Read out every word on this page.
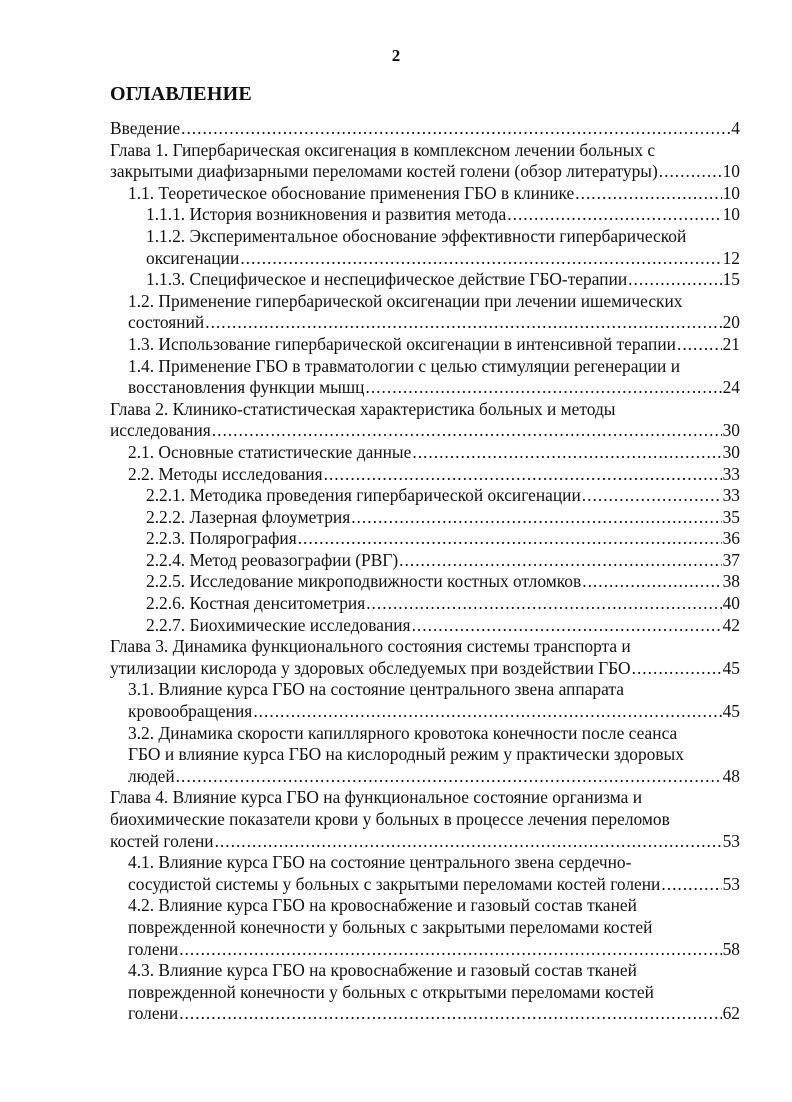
2
ОГЛАВЛЕНИЕ
Введение .....	4
Глава 1. Гипербарическая оксигенация в комплексном лечении больных с
закрытыми диафизарными переломами костей голени (обзор литературы) .....	10
1.1. Теоретическое обоснование применения ГБО в клинике .....	10
1.1.1. История возникновения и развития метода .....	10
1.1.2. Экспериментальное обоснование эффективности гипербарической
оксигенации .....	12
1.1.3. Специфическое и неспецифическое действие ГБО-терапии .....	15
1.2. Применение гипербарической оксигенации при лечении ишемических
состояний .....	20
1.3. Использование гипербарической оксигенации в интенсивной терапии .....	21
1.4. Применение ГБО в травматологии с целью стимуляции регенерации и
восстановления функции мышц .....	24
Глава 2. Клинико-статистическая характеристика больных и методы
исследования .....	30
2.1. Основные статистические данные .....	30
2.2. Методы исследования .....	33
2.2.1. Методика проведения гипербарической оксигенации .....	33
2.2.2. Лазерная флоуметрия .....	35
2.2.3. Полярография .....	36
2.2.4. Метод реовазографии (РВГ) .....	37
2.2.5. Исследование микроподвижности костных отломков .....	38
2.2.6. Костная денситометрия .....	40
2.2.7. Биохимические исследования .....	42
Глава 3. Динамика функционального состояния системы транспорта и
утилизации кислорода у здоровых обследуемых при воздействии ГБО .....	45
3.1. Влияние курса ГБО на состояние центрального звена аппарата
кровообращения .....	45
3.2. Динамика скорости капиллярного кровотока конечности после сеанса
ГБО и влияние курса ГБО на кислородный режим у практически здоровых
людей .....	48
Глава 4. Влияние курса ГБО на функциональное состояние организма и
биохимические показатели крови у больных в процессе лечения переломов
костей голени .....	53
4.1. Влияние курса ГБО на состояние центрального звена сердечно-
сосудистой системы у больных с закрытыми переломами костей голени .....	53
4.2. Влияние курса ГБО на кровоснабжение и газовый состав тканей
поврежденной конечности у больных с закрытыми переломами костей
голени .....	58
4.3. Влияние курса ГБО на кровоснабжение и газовый состав тканей
поврежденной конечности у больных с открытыми переломами костей
голени .....	62
